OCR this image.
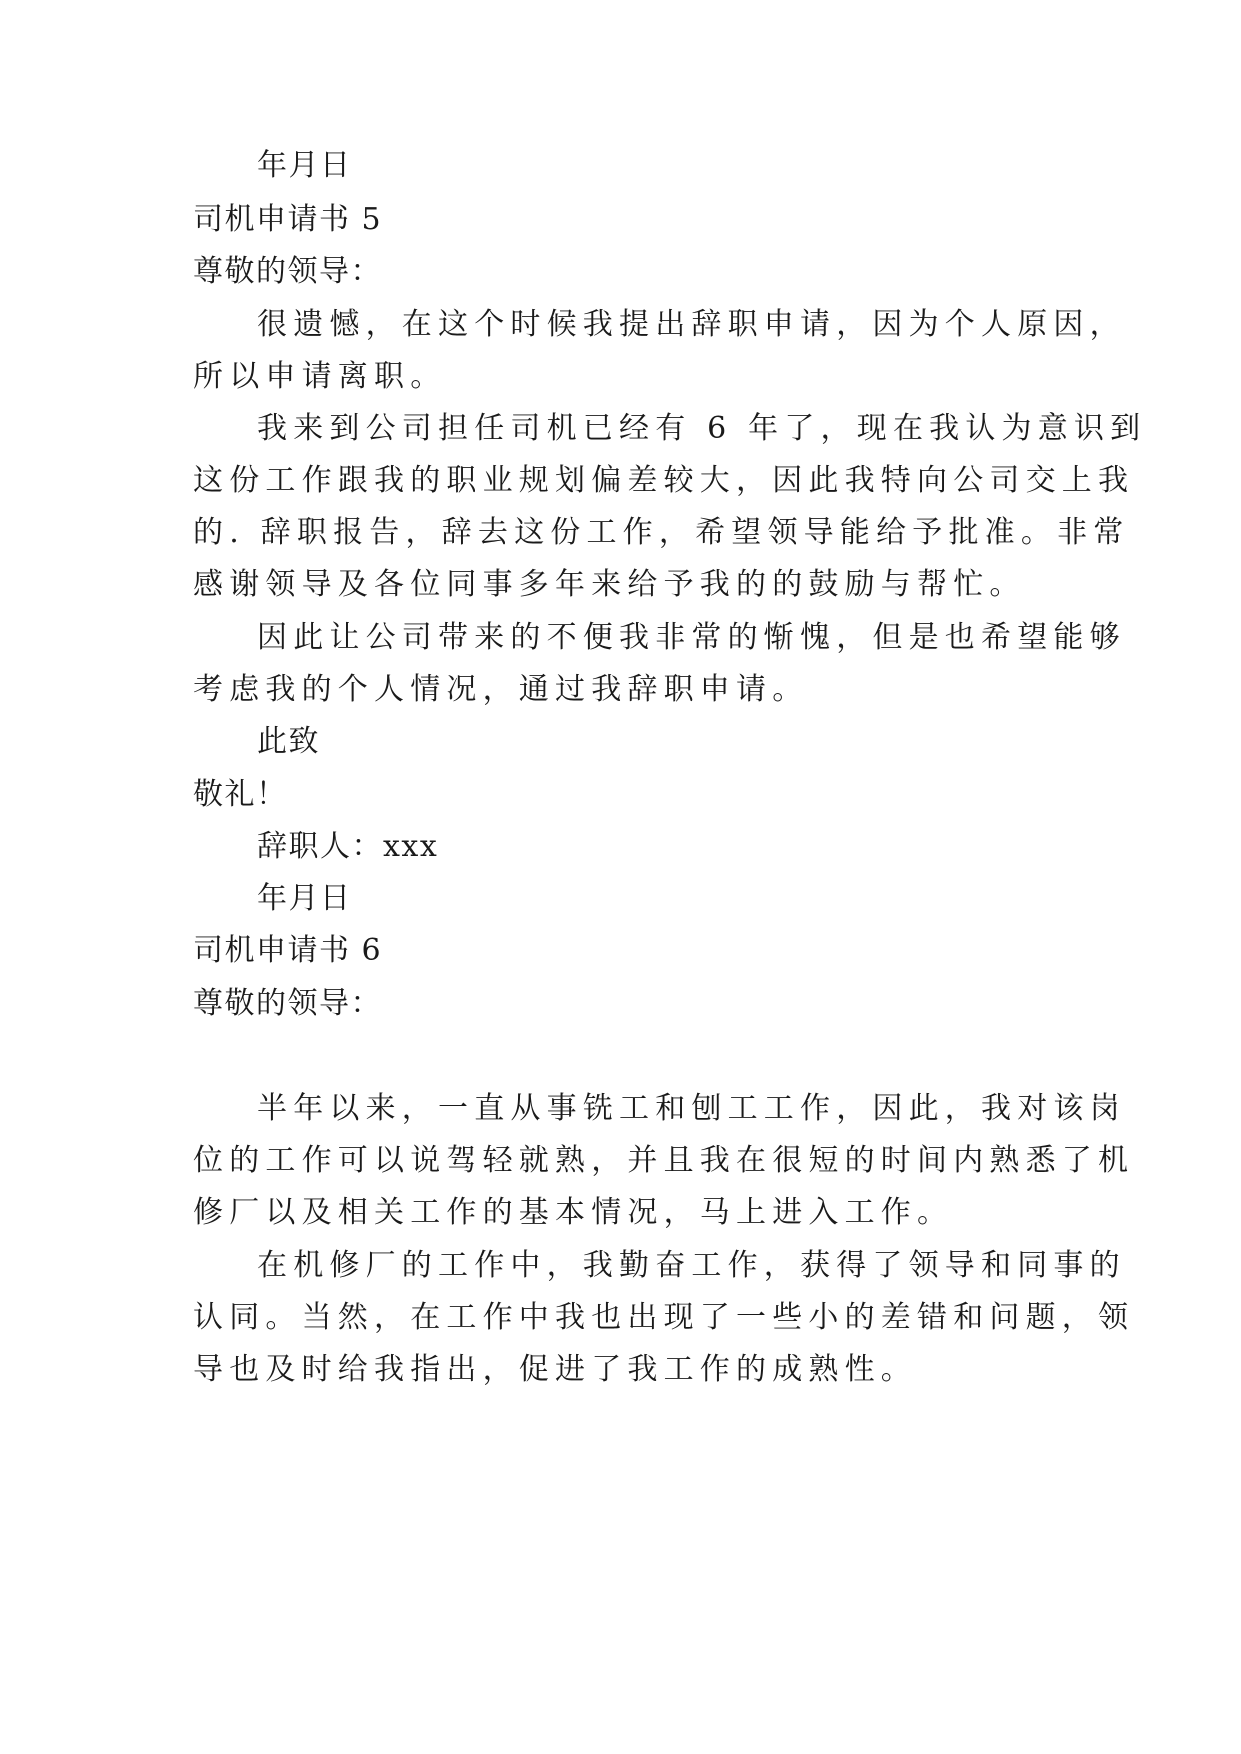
年月日
司机申请书 5
尊敬的领导：
很遗憾，在这个时候我提出辞职申请，因为个人原因，
所以申请离职。
我来到公司担任司机已经有 6 年了，现在我认为意识到
这份工作跟我的职业规划偏差较大，因此我特向公司交上我
的. 辞职报告，辞去这份工作，希望领导能给予批准。非常
感谢领导及各位同事多年来给予我的的鼓励与帮忙。
因此让公司带来的不便我非常的惭愧，但是也希望能够
考虑我的个人情况，通过我辞职申请。
此致
敬礼！
辞职人：xxx
年月日
司机申请书 6
尊敬的领导：
半年以来，一直从事铣工和刨工工作，因此，我对该岗
位的工作可以说驾轻就熟，并且我在很短的时间内熟悉了机
修厂以及相关工作的基本情况，马上进入工作。
在机修厂的工作中，我勤奋工作，获得了领导和同事的
认同。当然，在工作中我也出现了一些小的差错和问题，领
导也及时给我指出，促进了我工作的成熟性。
